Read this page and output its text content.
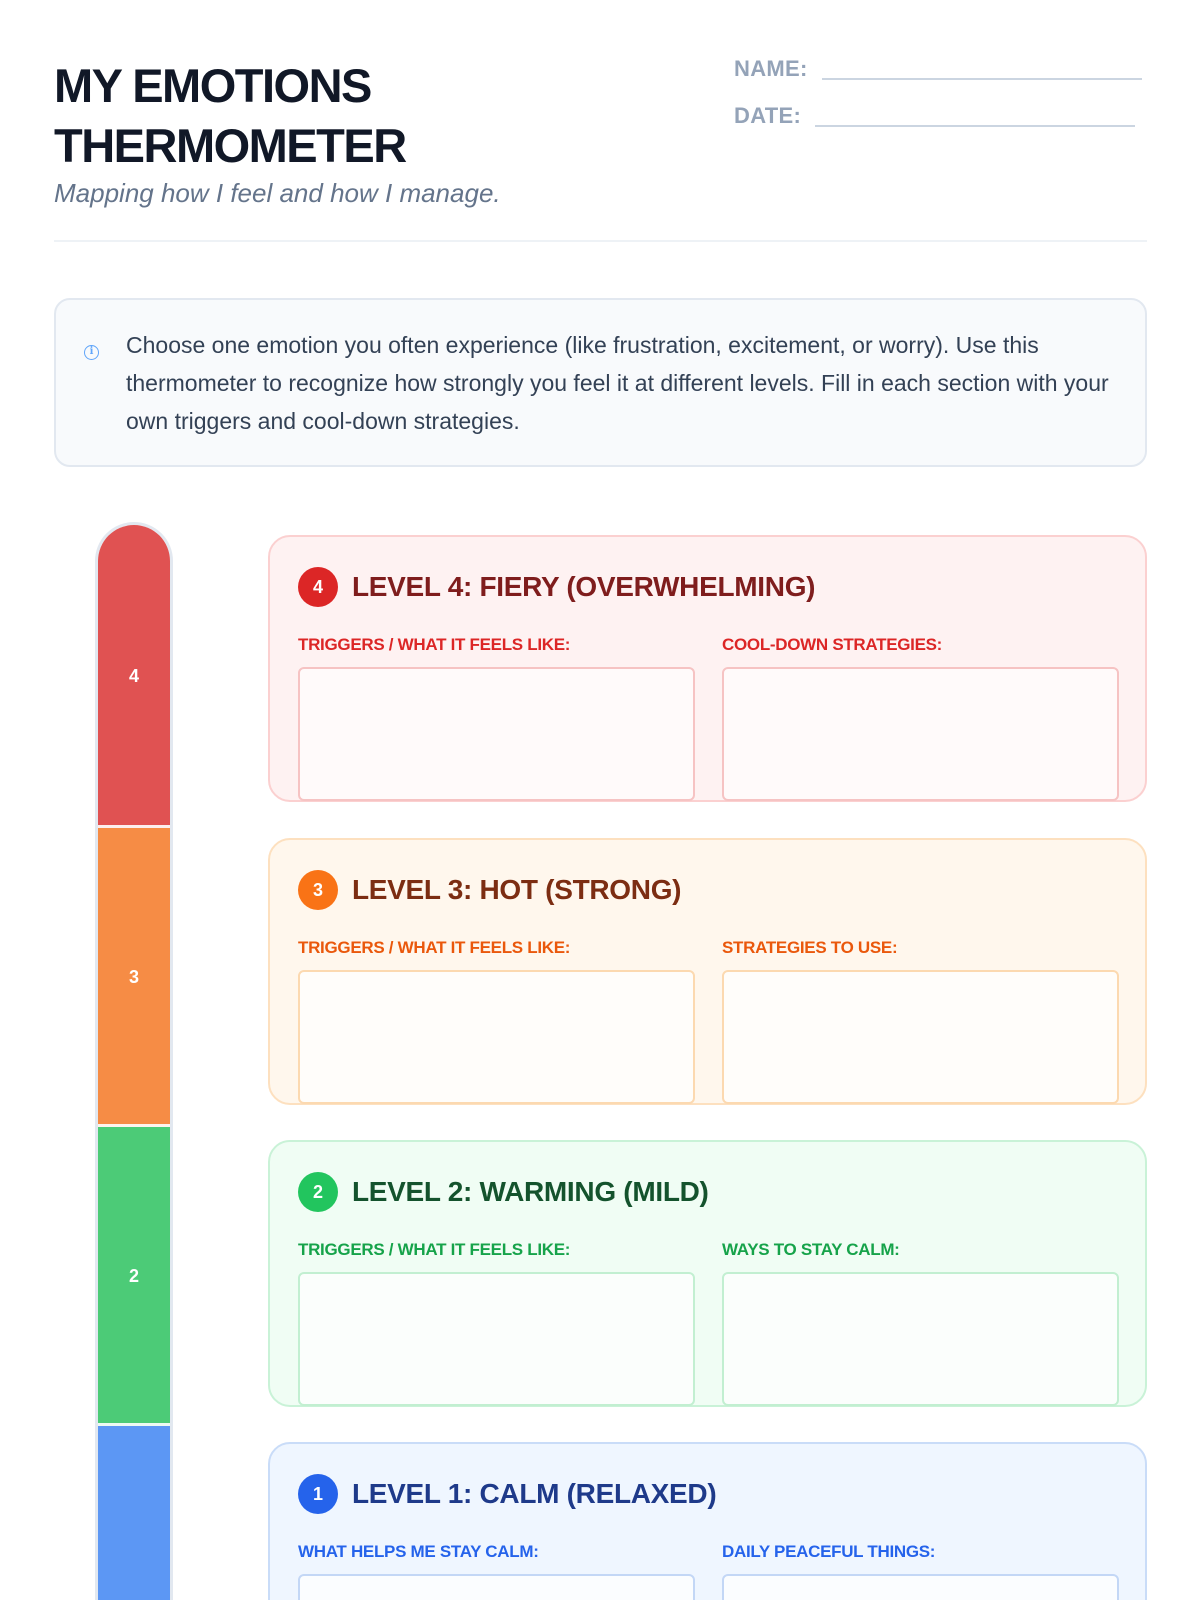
MY EMOTIONS
THERMOMETER
Mapping how I feel and how I manage.
NAME:
DATE:
i Choose one emotion you often experience (like frustration, excitement, or worry). Use this thermometer to recognize how strongly you feel it at different levels. Fill in each section with your own triggers and cool-down strategies.
4
3
2
4	LEVEL 4: FIERY (OVERWHELMING)
TRIGGERS / WHAT IT FEELS LIKE:	COOL-DOWN STRATEGIES:
3	LEVEL 3: HOT (STRONG)
TRIGGERS / WHAT IT FEELS LIKE:	STRATEGIES TO USE:
2	LEVEL 2: WARMING (MILD)
TRIGGERS / WHAT IT FEELS LIKE:	WAYS TO STAY CALM:
1	LEVEL 1: CALM (RELAXED)
WHAT HELPS ME STAY CALM:	DAILY PEACEFUL THINGS:
